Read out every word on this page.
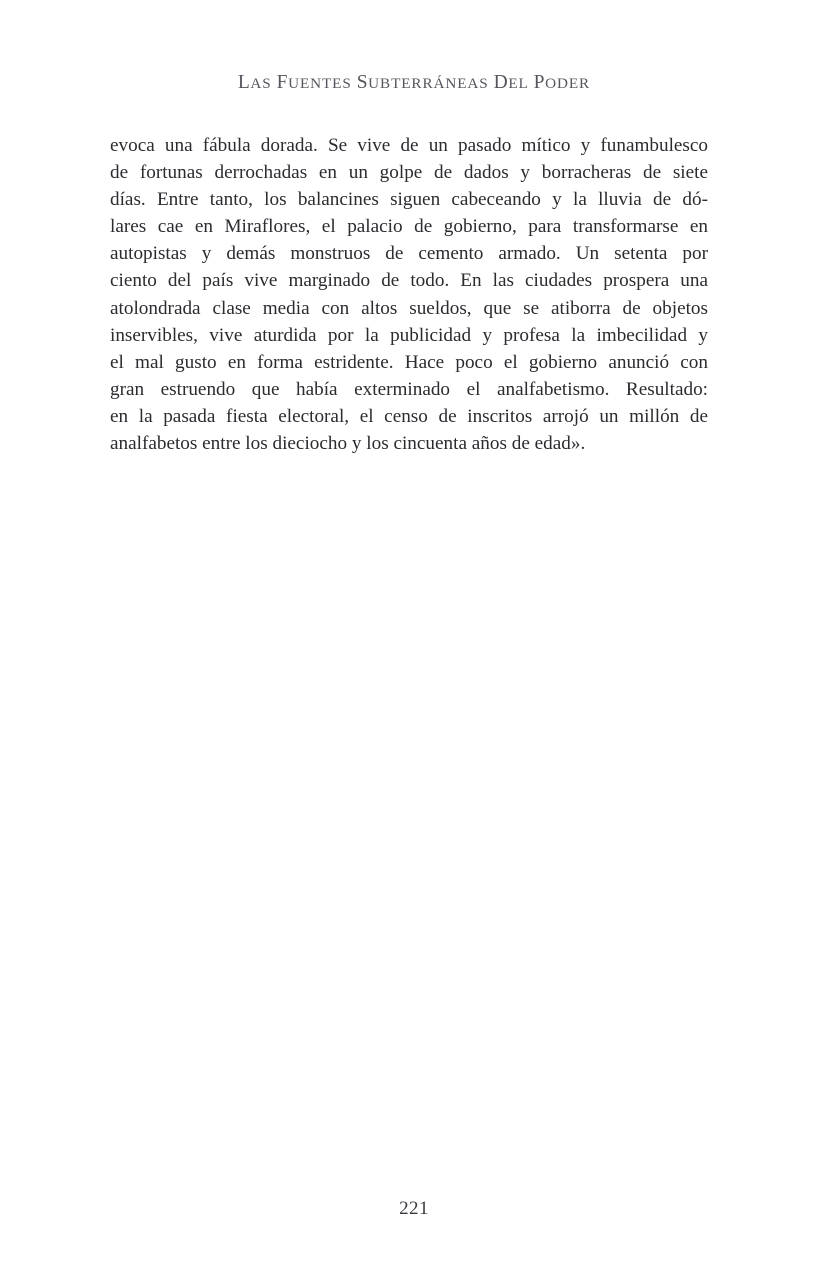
LAS FUENTES SUBTERRÁNEAS DEL PODER
evoca una fábula dorada. Se vive de un pasado mítico y funambulesco
de fortunas derrochadas en un golpe de dados y borracheras de siete
días. Entre tanto, los balancines siguen cabeceando y la lluvia de dó-
lares cae en Miraflores, el palacio de gobierno, para transformarse en
autopistas y demás monstruos de cemento armado. Un setenta por
ciento del país vive marginado de todo. En las ciudades prospera una
atolondrada clase media con altos sueldos, que se atiborra de objetos
inservibles, vive aturdida por la publicidad y profesa la imbecilidad y
el mal gusto en forma estridente. Hace poco el gobierno anunció con
gran estruendo que había exterminado el analfabetismo. Resultado:
en la pasada fiesta electoral, el censo de inscritos arrojó un millón de
analfabetos entre los dieciocho y los cincuenta años de edad».
221
